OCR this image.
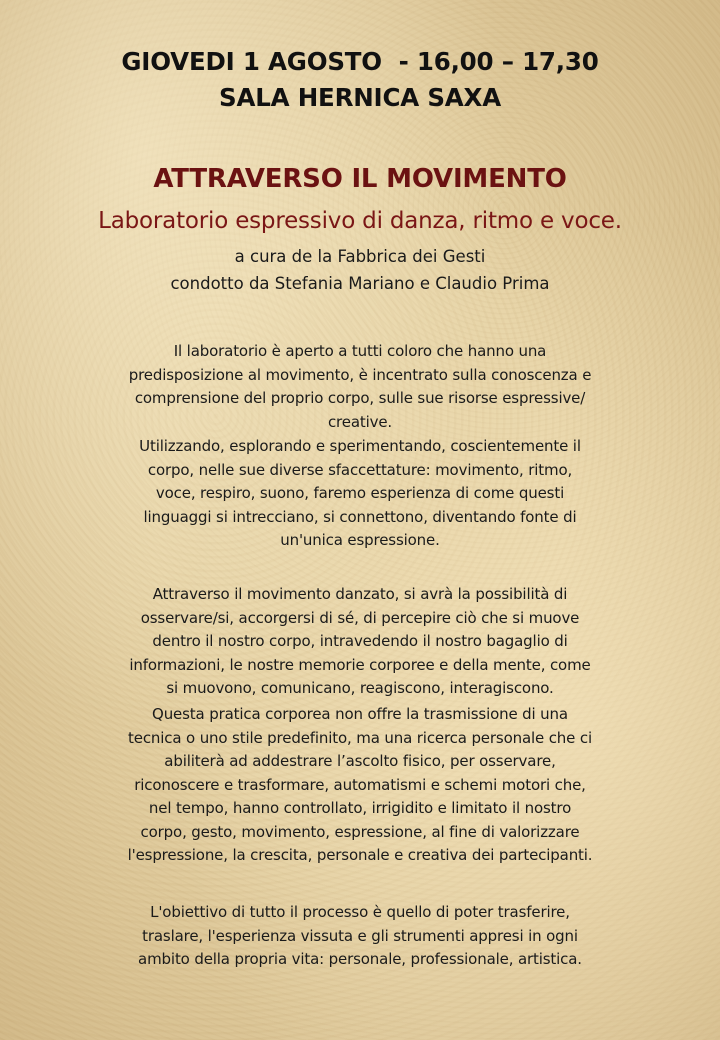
GIOVEDI 1 AGOSTO  - 16,00 – 17,30
SALA HERNICA SAXA
ATTRAVERSO IL MOVIMENTO
Laboratorio espressivo di danza, ritmo e voce.
a cura de la Fabbrica dei Gesti
condotto da Stefania Mariano e Claudio Prima
Il laboratorio è aperto a tutti coloro che hanno una
predisposizione al movimento, è incentrato sulla conoscenza e
comprensione del proprio corpo, sulle sue risorse espressive/
creative.
Utilizzando, esplorando e sperimentando, coscientemente il
corpo, nelle sue diverse sfaccettature: movimento, ritmo,
voce, respiro, suono, faremo esperienza di come questi
linguaggi si intrecciano, si connettono, diventando fonte di
un'unica espressione.
Attraverso il movimento danzato, si avrà la possibilità di
osservare/si, accorgersi di sé, di percepire ciò che si muove
dentro il nostro corpo, intravedendo il nostro bagaglio di
informazioni, le nostre memorie corporee e della mente, come
si muovono, comunicano, reagiscono, interagiscono.
Questa pratica corporea non offre la trasmissione di una
tecnica o uno stile predefinito, ma una ricerca personale che ci
abiliterà ad addestrare l’ascolto fisico, per osservare,
riconoscere e trasformare, automatismi e schemi motori che,
nel tempo, hanno controllato, irrigidito e limitato il nostro
corpo, gesto, movimento, espressione, al fine di valorizzare
l'espressione, la crescita, personale e creativa dei partecipanti.
L'obiettivo di tutto il processo è quello di poter trasferire,
traslare, l'esperienza vissuta e gli strumenti appresi in ogni
ambito della propria vita: personale, professionale, artistica.
